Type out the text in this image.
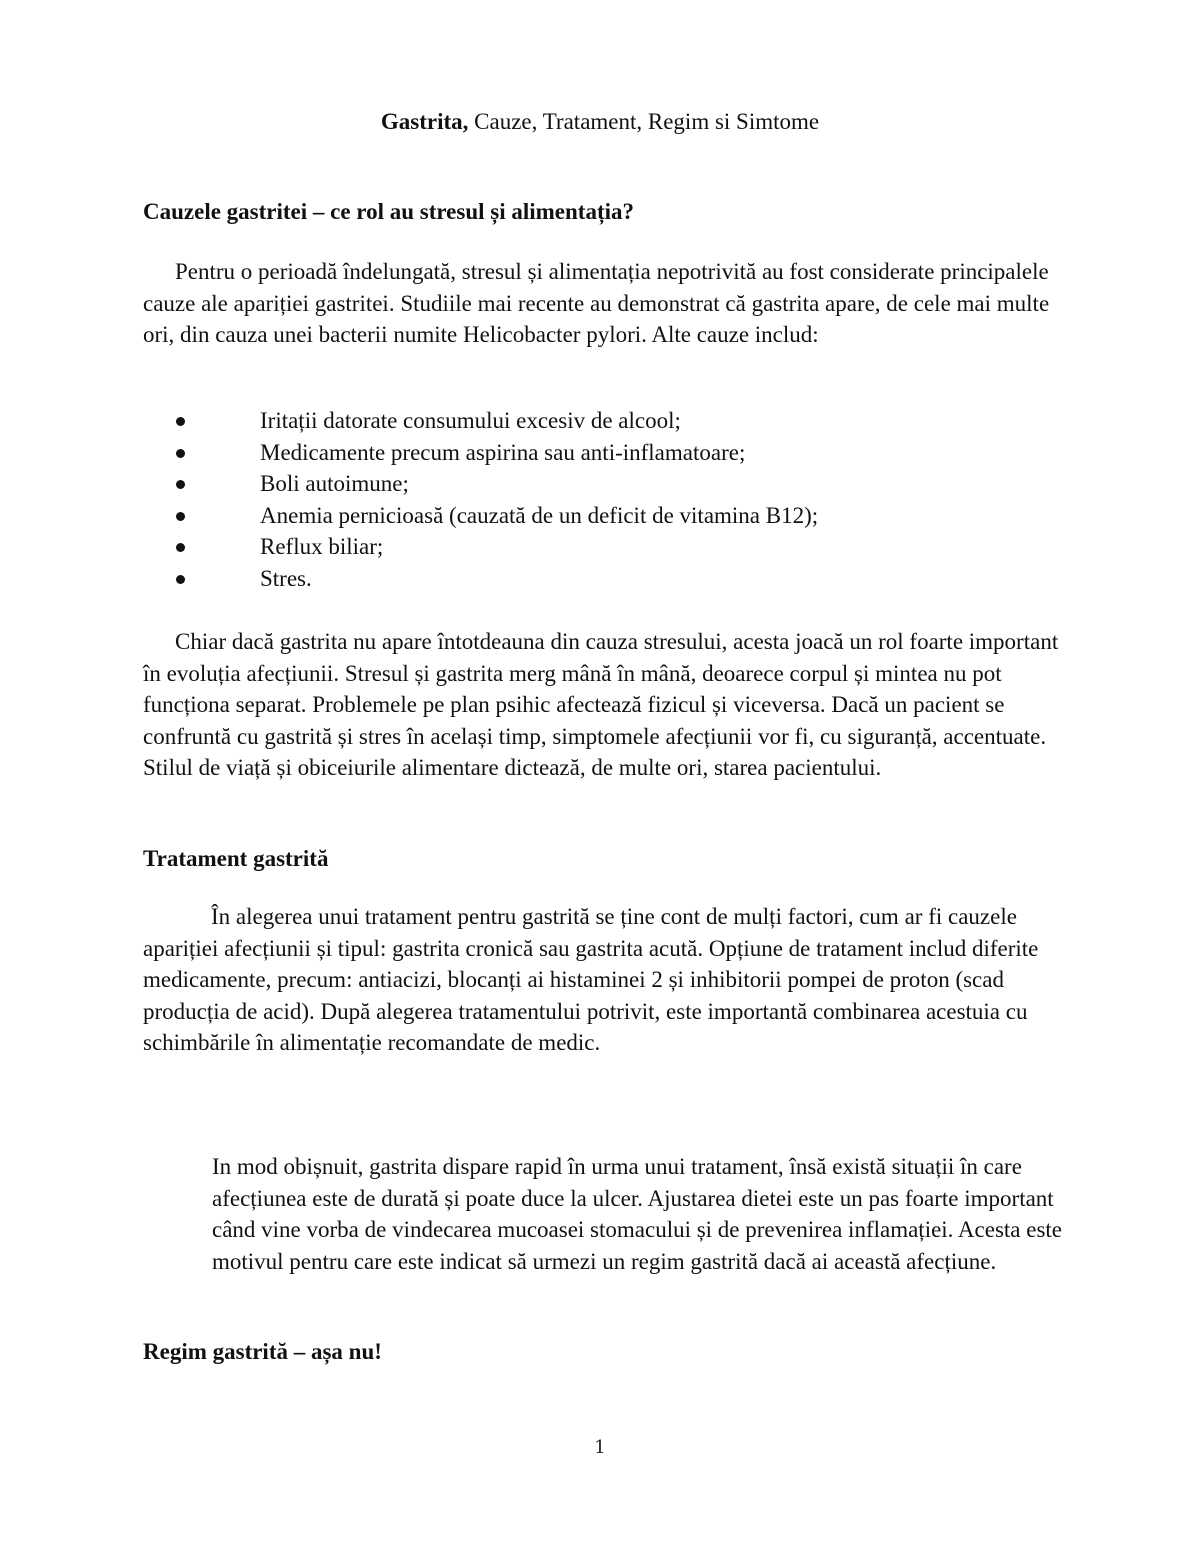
Gastrita, Cauze, Tratament, Regim si Simtome
Cauzele gastritei – ce rol au stresul și alimentația?

Pentru o perioadă îndelungată, stresul și alimentația nepotrivită au fost considerate principalele cauze ale apariției gastritei. Studiile mai recente au demonstrat că gastrita apare, de cele mai multe ori, din cauza unei bacterii numite Helicobacter pylori. Alte cauze includ:

Iritații datorate consumului excesiv de alcool;
Medicamente precum aspirina sau anti-inflamatoare;
Boli autoimune;
Anemia pernicioasă (cauzată de un deficit de vitamina B12);
Reflux biliar;
Stres.

Chiar dacă gastrita nu apare întotdeauna din cauza stresului, acesta joacă un rol foarte important în evoluția afecțiunii. Stresul și gastrita merg mână în mână, deoarece corpul și mintea nu pot funcționa separat. Problemele pe plan psihic afectează fizicul și viceversa. Dacă un pacient se confruntă cu gastrită și stres în același timp, simptomele afecțiunii vor fi, cu siguranță, accentuate. Stilul de viață și obiceiurile alimentare dictează, de multe ori, starea pacientului.

Tratament gastrită

În alegerea unui tratament pentru gastrită se ține cont de mulți factori, cum ar fi cauzele apariției afecțiunii și tipul: gastrita cronică sau gastrita acută. Opțiune de tratament includ diferite medicamente, precum: antiacizi, blocanți ai histaminei 2 și inhibitorii pompei de proton (scad producția de acid). După alegerea tratamentului potrivit, este importantă combinarea acestuia cu schimbările în alimentație recomandate de medic.

In mod obișnuit, gastrita dispare rapid în urma unui tratament, însă există situații în care afecțiunea este de durată și poate duce la ulcer. Ajustarea dietei este un pas foarte important când vine vorba de vindecarea mucoasei stomacului și de prevenirea inflamației. Acesta este motivul pentru care este indicat să urmezi un regim gastrită dacă ai această afecțiune.

Regim gastrită – așa nu!
1
